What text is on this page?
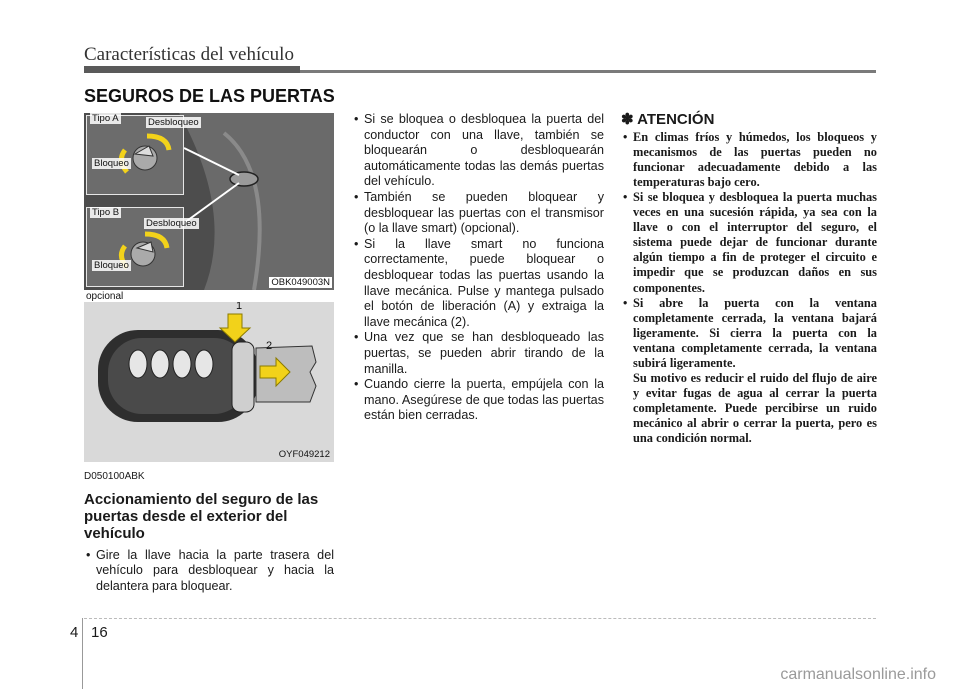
Características del vehículo
SEGUROS DE LAS PUERTAS
Tipo A	Desbloqueo
Bloqueo
Tipo B
Desbloqueo
Bloqueo
OBK049003N
opcional
1
2
OYF049212
D050100ABK
Accionamiento del seguro de las puertas desde el exterior del vehículo
• Gire la llave hacia la parte trasera del vehículo para desbloquear y hacia la delantera para bloquear.
• Si se bloquea o desbloquea la puerta del conductor con una llave, también se bloquearán o desbloquearán automáticamente todas las demás puertas del vehículo.
• También se pueden bloquear y desbloquear las puertas con el transmisor (o la llave smart) (opcional).
• Si la llave smart no funciona correctamente, puede bloquear o desbloquear todas las puertas usando la llave mecánica. Pulse y mantega pulsado el botón de liberación (A) y extraiga la llave mecánica (2).
• Una vez que se han desbloqueado las puertas, se pueden abrir tirando de la manilla.
• Cuando cierre la puerta, empújela con la mano. Asegúrese de que todas las puertas están bien cerradas.
✽ ATENCIÓN
• En climas fríos y húmedos, los bloqueos y mecanismos de las puertas pueden no funcionar adecuadamente debido a las temperaturas bajo cero.
• Si se bloquea y desbloquea la puerta muchas veces en una sucesión rápida, ya sea con la llave o con el interruptor del seguro, el sistema puede dejar de funcionar durante algún tiempo a fin de proteger el circuito e impedir que se produzcan daños en sus componentes.
• Si abre la puerta con la ventana completamente cerrada, la ventana bajará ligeramente. Si cierra la puerta con la ventana completamente cerrada, la ventana subirá ligeramente.
Su motivo es reducir el ruido del flujo de aire y evitar fugas de agua al cerrar la puerta completamente. Puede percibirse un ruido mecánico al abrir o cerrar la puerta, pero es una condición normal.
4 16
carmanualsonline.info
